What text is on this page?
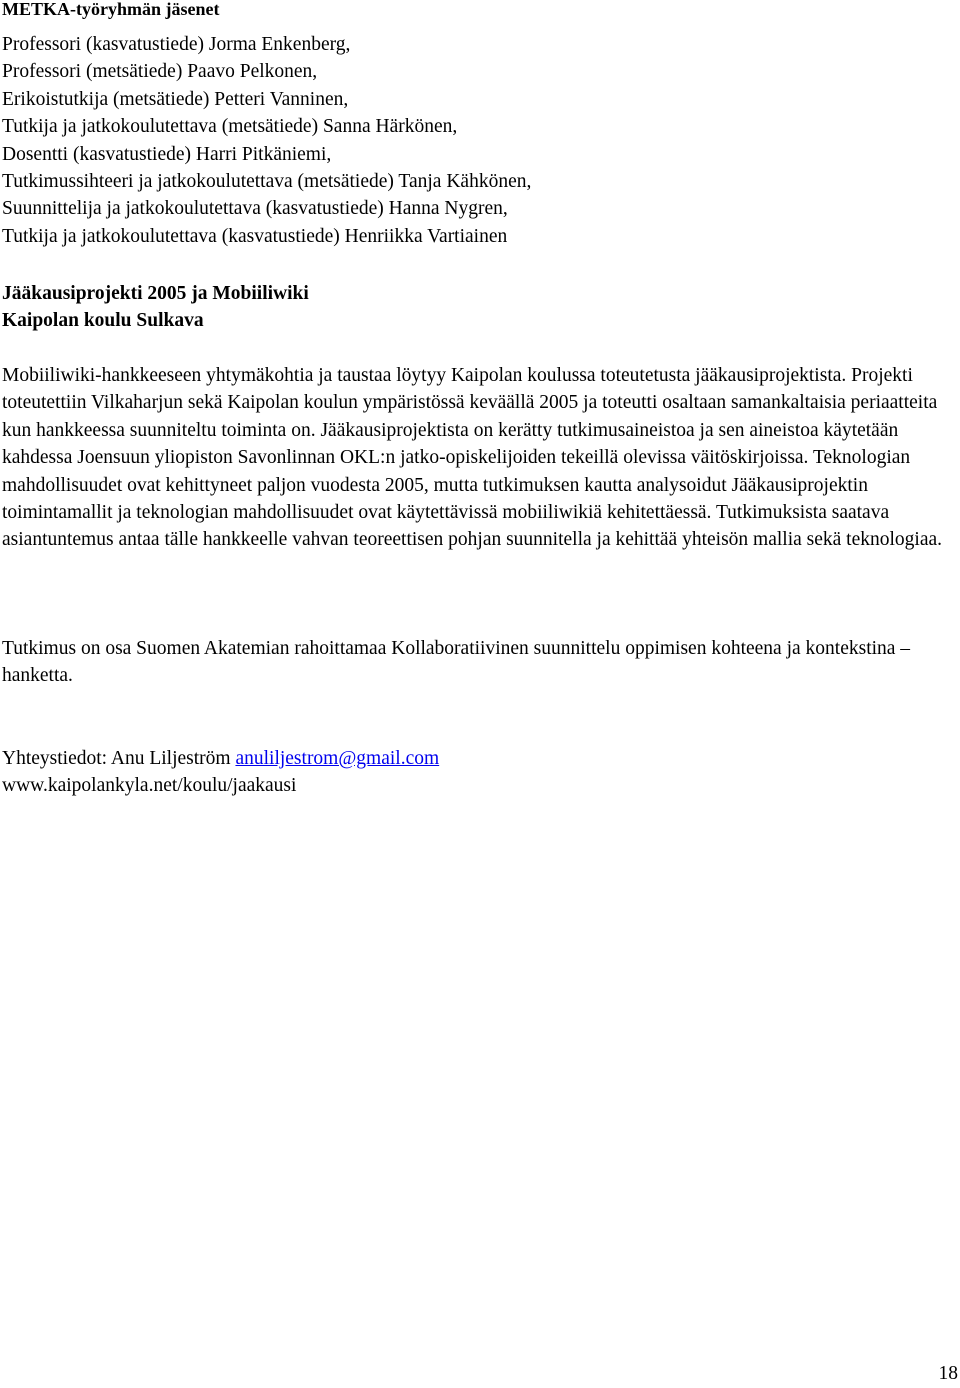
METKA-työryhmän jäsenet
Professori (kasvatustiede) Jorma Enkenberg,
Professori (metsätiede) Paavo Pelkonen,
Erikoistutkija (metsätiede) Petteri Vanninen,
Tutkija ja jatkokoulutettava (metsätiede) Sanna Härkönen,
Dosentti (kasvatustiede) Harri Pitkäniemi,
Tutkimussihteeri ja jatkokoulutettava (metsätiede) Tanja Kähkönen,
Suunnittelija ja jatkokoulutettava (kasvatustiede) Hanna Nygren,
Tutkija ja jatkokoulutettava (kasvatustiede) Henriikka Vartiainen
Jääkausiprojekti 2005 ja Mobiiliwiki
Kaipolan koulu Sulkava
Mobiiliwiki-hankkeeseen yhtymäkohtia ja taustaa löytyy Kaipolan koulussa toteutetusta jääkausiprojektista. Projekti toteutettiin Vilkaharjun sekä Kaipolan koulun ympäristössä keväällä 2005 ja toteutti osaltaan samankaltaisia periaatteita kun hankkeessa suunniteltu toiminta on. Jääkausiprojektista on kerätty tutkimusaineistoa ja sen aineistoa käytetään kahdessa Joensuun yliopiston Savonlinnan OKL:n jatko-opiskelijoiden tekeillä olevissa väitöskirjoissa. Teknologian mahdollisuudet ovat kehittyneet paljon vuodesta 2005, mutta tutkimuksen kautta analysoidut Jääkausiprojektin toimintamallit ja teknologian mahdollisuudet ovat käytettävissä mobiiliwikiä kehitettäessä. Tutkimuksista saatava asiantuntemus antaa tälle hankkeelle vahvan teoreettisen pohjan suunnitella ja kehittää yhteisön mallia sekä teknologiaa.
Tutkimus on osa Suomen Akatemian rahoittamaa Kollaboratiivinen suunnittelu oppimisen kohteena ja kontekstina –hanketta.
Yhteystiedot: Anu Liljeström anuliljestrom@gmail.com
www.kaipolankyla.net/koulu/jaakausi
18
